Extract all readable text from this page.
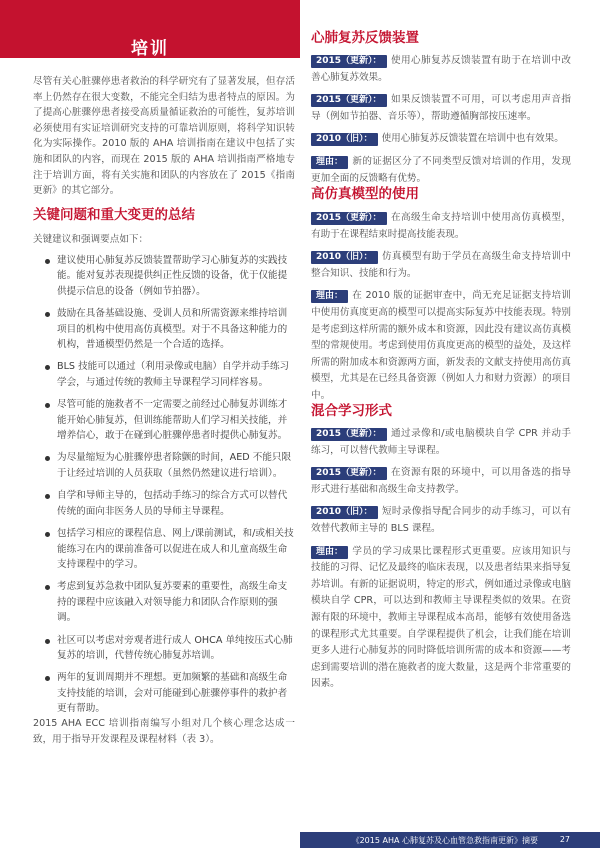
培训

尽管有关心脏骤停患者救治的科学研究有了显著发展，但存活率上仍然存在很大变数，不能完全归结为患者特点的原因。为了提高心脏骤停患者接受高质量循证救治的可能性，复苏培训必须使用有实证培训研究支持的可靠培训原则，将科学知识转化为实际操作。2010 版的 AHA 培训指南在建议中包括了实施和团队的内容，而现在 2015 版的 AHA 培训指南严格地专注于培训方面，将有关实施和团队的内容放在了 2015《指南更新》的其它部分。

关键问题和重大变更的总结

关键建议和强调要点如下：

建议使用心肺复苏反馈装置帮助学习心肺复苏的实践技能。能对复苏表现提供纠正性反馈的设备，优于仅能提供提示信息的设备（例如节拍器）。
鼓励在具备基础设施、受训人员和所需资源来维持培训项目的机构中使用高仿真模型。对于不具备这种能力的机构，普通模型仍然是一个合适的选择。
BLS 技能可以通过（利用录像或电脑）自学并动手练习学会，与通过传统的教师主导课程学习同样容易。
尽管可能的施救者不一定需要之前经过心肺复苏训练才能开始心肺复苏，但训练能帮助人们学习相关技能，并增养信心，敢于在碰到心脏骤停患者时提供心肺复苏。
为尽量缩短为心脏骤停患者除颤的时间，AED 不能只限于让经过培训的人员获取（虽然仍然建议进行培训）。
自学和导师主导的，包括动手练习的综合方式可以替代传统的面向非医务人员的导师主导课程。
包括学习相应的课程信息、网上/课前测试，和/或相关技能练习在内的课前准备可以促进在成人和儿童高级生命支持课程中的学习。
考虑到复苏急救中团队复苏要素的重要性，高级生命支持的课程中应该融入对领导能力和团队合作原则的强调。
社区可以考虑对旁观者进行成人 OHCA 单纯按压式心肺复苏的培训，代替传统心肺复苏培训。
两年的复训周期并不理想。更加频繁的基础和高级生命支持技能的培训，会对可能碰到心脏骤停事件的救护者更有帮助。

2015 AHA ECC 培训指南编写小组对几个核心理念达成一致，用于指导开发课程及课程材料（表 3）。

心肺复苏反馈装置

2015（更新）： 使用心肺复苏反馈装置有助于在培训中改善心肺复苏效果。

2015（更新）： 如果反馈装置不可用，可以考虑用声音指导（例如节拍器、音乐等），帮助遵循胸部按压速率。

2010（旧）： 使用心肺复苏反馈装置在培训中也有效果。

理由： 新的证据区分了不同类型反馈对培训的作用，发现更加全面的反馈略有优势。

高仿真模型的使用

2015（更新）： 在高级生命支持培训中使用高仿真模型，有助于在课程结束时提高技能表现。

2010（旧）： 仿真模型有助于学员在高级生命支持培训中整合知识、技能和行为。

理由： 在 2010 版的证据审查中，尚无充足证据支持培训中使用仿真度更高的模型可以提高实际复苏中技能表现。特别是考虑到这样所需的额外成本和资源，因此没有建议高仿真模型的常规使用。考虑到使用仿真度更高的模型的益处，及这样所需的附加成本和资源两方面，新发表的文献支持使用高仿真模型，尤其是在已经具备资源（例如人力和财力资源）的项目中。

混合学习形式

2015（更新）： 通过录像和/或电脑模块自学 CPR 并动手练习，可以替代教师主导课程。

2015（更新）： 在资源有限的环境中，可以用备选的指导形式进行基础和高级生命支持教学。

2010（旧）： 短时录像指导配合同步的动手练习，可以有效替代教师主导的 BLS 课程。

理由： 学员的学习成果比课程形式更重要。应该用知识与技能的习得、记忆及最终的临床表现，以及患者结果来指导复苏培训。有新的证据说明，特定的形式，例如通过录像或电脑模块自学 CPR，可以达到和教师主导课程类似的效果。在资源有限的环境中，教师主导课程成本高昂，能够有效使用备选的课程形式尤其重要。自学课程提供了机会，让我们能在培训更多人进行心肺复苏的同时降低培训所需的成本和资源——考虑到需要培训的潜在施救者的庞大数量，这是两个非常重要的因素。

《2015 AHA 心肺复苏及心血管急救指南更新》摘要	27
